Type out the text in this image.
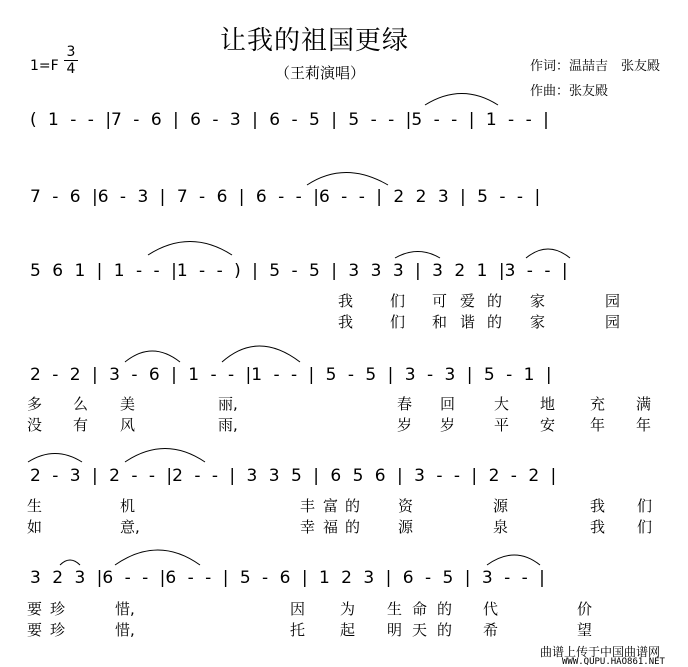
让我的祖国更绿
（王莉演唱）
1=F
3
4	作词：温喆吉　张友殿
作曲：张友殿
( 1 - - |7 - 6 | 6 - 3 | 6 - 5 | 5 - - |5 - - | 1 - - |
7 - 6 |6 - 3 | 7 - 6 | 6 - - |6 - - | 2 2 3 | 5 - - |
5 6 1 | 1 - - |1 - - ) | 5 - 5 | 3 3 3 | 3 2 1 |3 - - |
2 - 2 | 3 - 6 | 1 - - |1 - - | 5 - 5 | 3 - 3 | 5 - 1 |
2 - 3 | 2 - - |2 - - | 3 3 5 | 6 5 6 | 3 - - | 2 - 2 |
3 2 3 |6 - - |6 - - | 5 - 6 | 1 2 3 | 6 - 5 | 3 - - |
我 们 可 爱 的 家	园
我 们 和 谐 的 家	园
多 么 美	丽,	春 回	大 地 充 满
没 有 风	雨,	岁 岁	平 安 年 年
生	机	丰 富 的	资	源	我 们
如	意,	幸 福 的	源	泉	我 们
要 珍	惜,	因 为 生 命 的 代	价
要 珍	惜,	托 起 明 天 的 希	望
曲谱上传于中国曲谱网
WWW.QUPU.HAO861.NET
